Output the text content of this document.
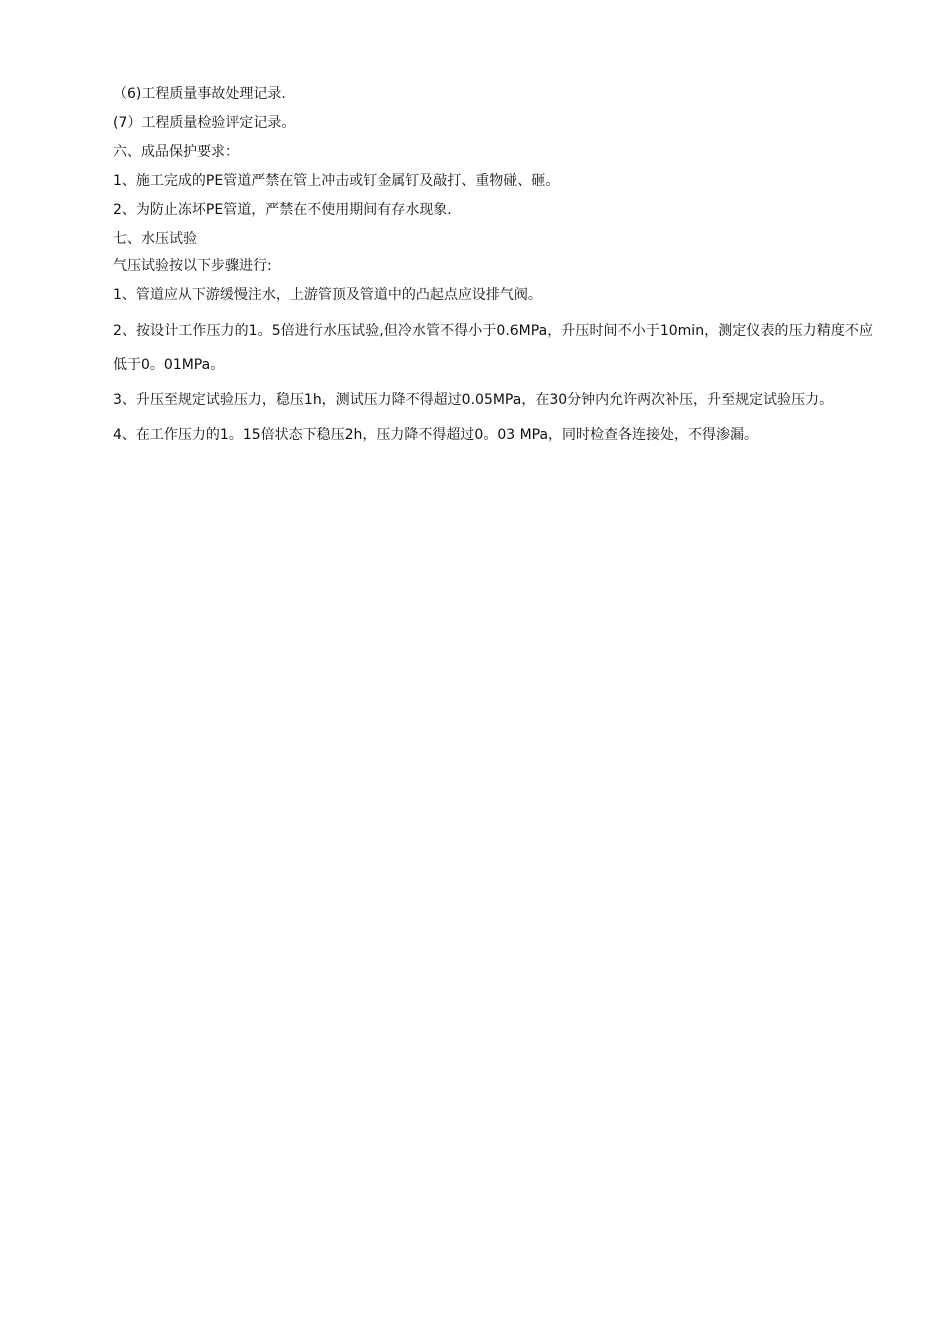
（6)工程质量事故处理记录.

(7）工程质量检验评定记录。

六、成品保护要求：

1、施工完成的PE管道严禁在管上冲击或钉金属钉及敲打、重物碰、砸。

2、为防止冻坏PE管道，严禁在不使用期间有存水现象.

七、水压试验

气压试验按以下步骤进行:

1、管道应从下游缓慢注水，上游管顶及管道中的凸起点应设排气阀。

2、按设计工作压力的1。5倍进行水压试验,但冷水管不得小于0.6MPa，升压时间不小于10min，测定仪表的压力精度不应低于0。01MPa。

3、升压至规定试验压力，稳压1h，测试压力降不得超过0.05MPa，在30分钟内允许两次补压，升至规定试验压力。

4、在工作压力的1。15倍状态下稳压2h，压力降不得超过0。03 MPa，同时检查各连接处，不得渗漏。
